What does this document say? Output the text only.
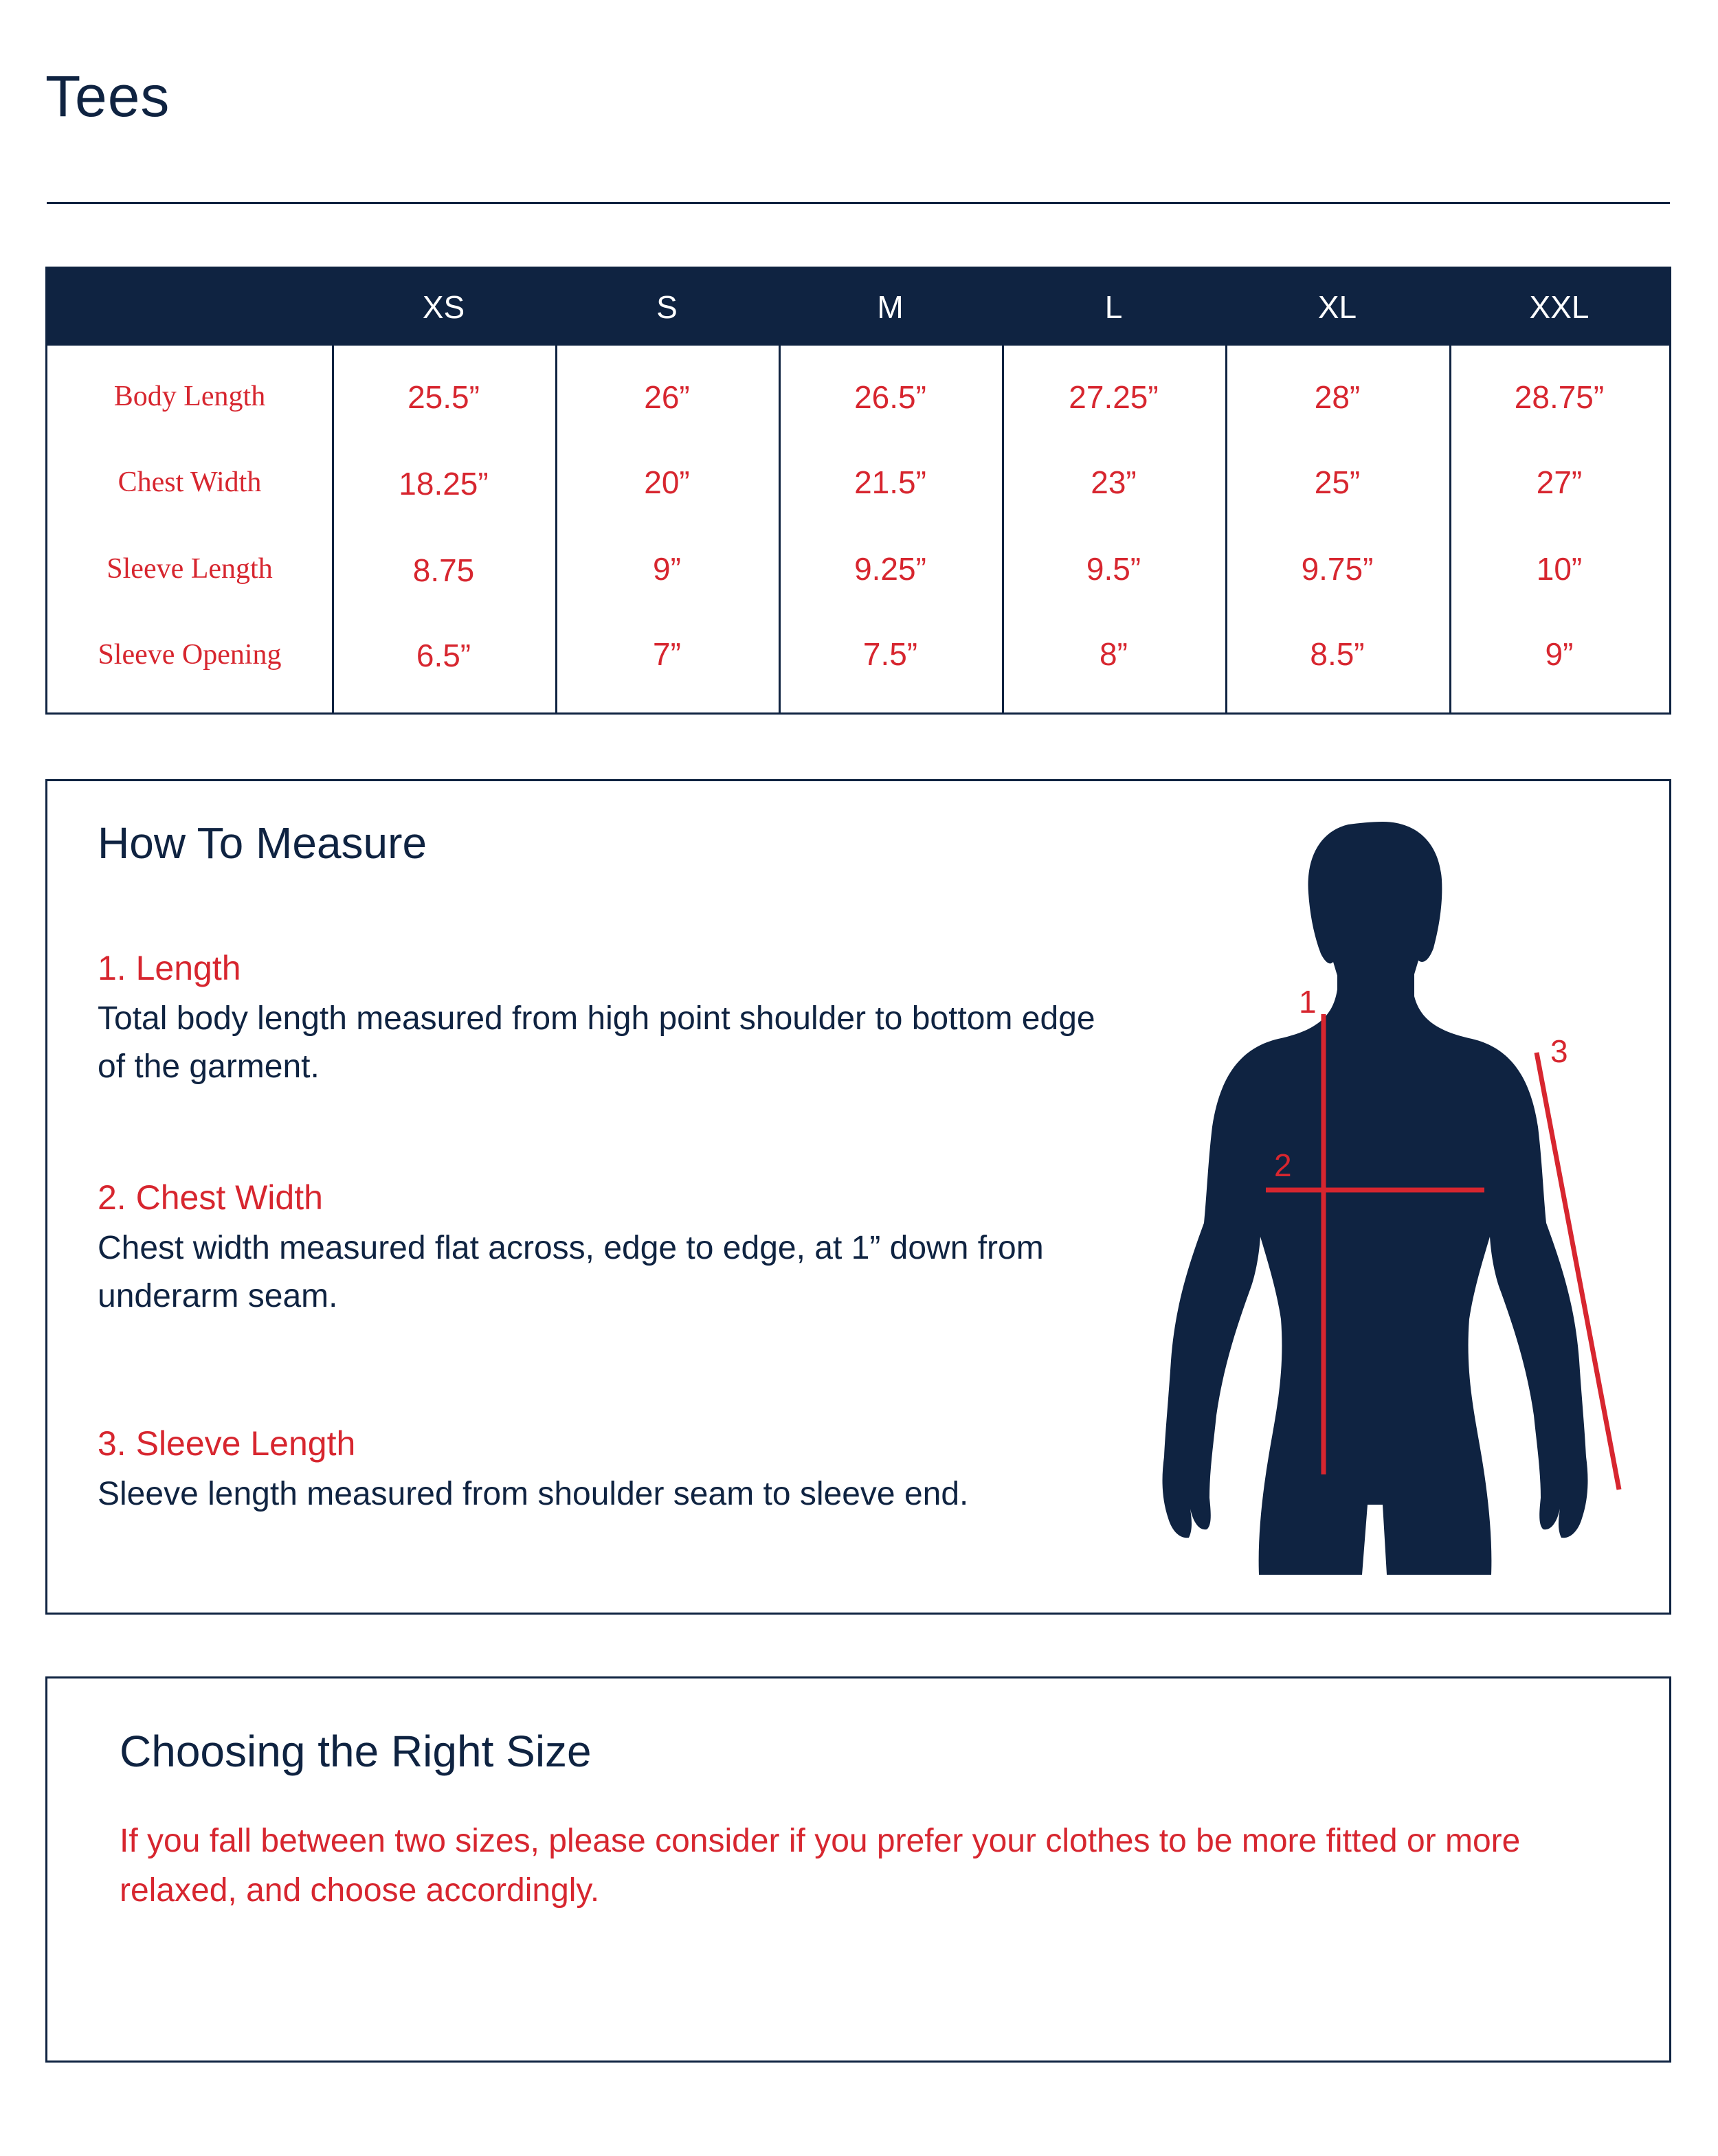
Tees
XS	S	M	L	XL	XXL
Body Length	25.5”	26”	26.5”	27.25”	28”	28.75”
Chest Width	18.25”	20”	21.5”	23”	25”	27”
Sleeve Length	8.75	9”	9.25”	9.5”	9.75”	10”
Sleeve Opening	6.5”	7”	7.5”	8”	8.5”	9”
How To Measure
1. Length
Total body length measured from high point shoulder to bottom edge of the garment.
2. Chest Width
Chest width measured flat across, edge to edge, at 1” down from underarm seam.
3. Sleeve Length
Sleeve length measured from shoulder seam to sleeve end.
1
2
3
Choosing the Right Size
If you fall between two sizes, please consider if you prefer your clothes to be more fitted or more relaxed, and choose accordingly.
